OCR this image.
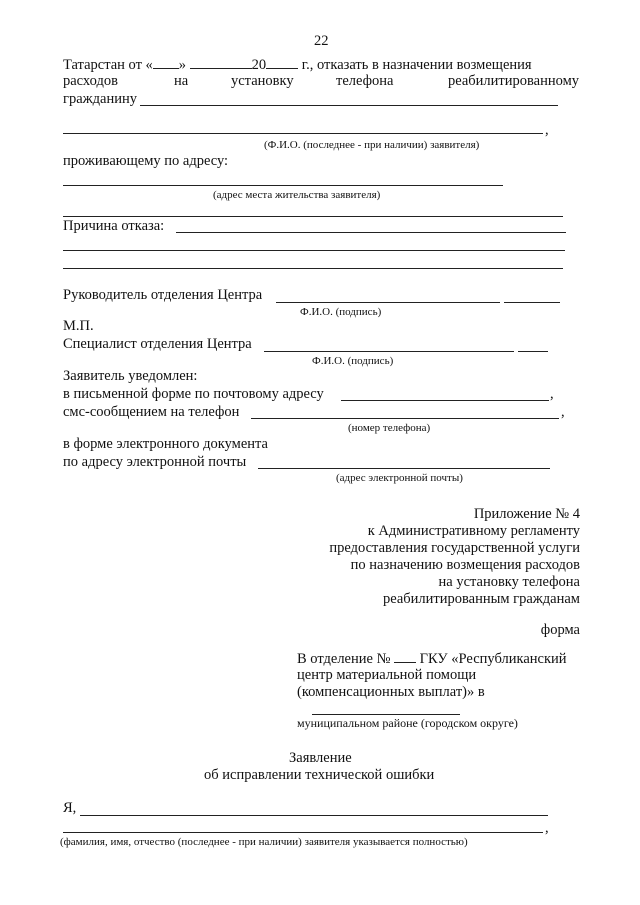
22
Татарстан от « »	20 г., отказать в назначении возмещения
расходов	на	установку	телефона	реабилитированному
гражданину
,
(Ф.И.О. (последнее - при наличии) заявителя)
проживающему по адресу:
(адрес места жительства заявителя)
Причина отказа:
Руководитель отделения Центра
Ф.И.О. (подпись)
М.П.
Специалист отделения Центра
Ф.И.О. (подпись)
Заявитель уведомлен:
в письменной форме по почтовому адресу	,
смс-сообщением на телефон	,
(номер телефона)
в форме электронного документа
по адресу электронной почты
(адрес электронной почты)
Приложение № 4
к Административному регламенту
предоставления государственной услуги
по назначению возмещения расходов
на установку телефона
реабилитированным гражданам
форма
В отделение № ГКУ «Республиканский
центр материальной помощи
(компенсационных выплат)» в
муниципальном районе (городском округе)
Заявление
об исправлении технической ошибки
Я,
,
(фамилия, имя, отчество (последнее - при наличии) заявителя указывается полностью)
